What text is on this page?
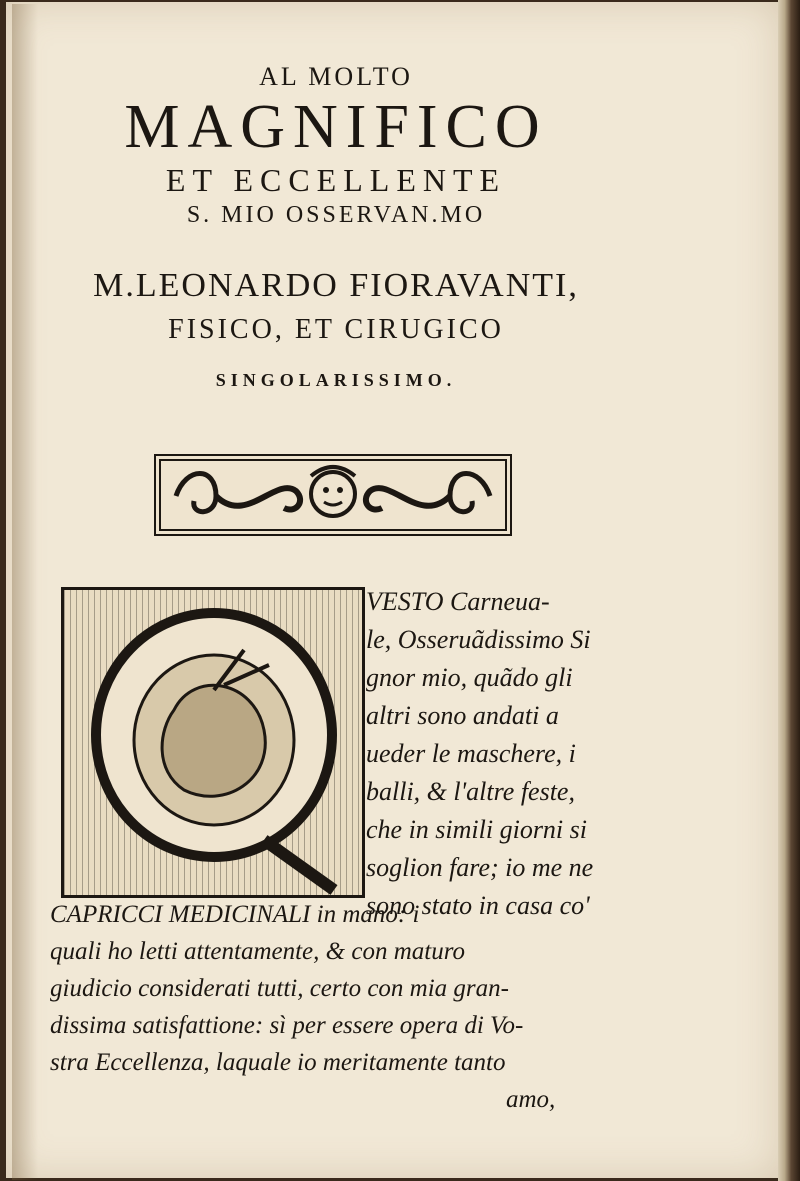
AL MOLTO
MAGNIFICO
ET ECCELLENTE
S. MIO OSSERVAN.MO
M.LEONARDO FIORAVANTI,
FISICO, ET CIRUGICO
SINGOLARISSIMO.
VESTO Carneua-
le, Osseruãdissimo Si
gnor mio, quãdo gli
altri sono andati a
ueder le maschere, i
balli, & l'altre feste,
che in simili giorni si
soglion fare; io me ne
sono stato in casa co'
CAPRICCI MEDICINALI in mano: i
quali ho letti attentamente, & con maturo
giudicio considerati tutti, certo con mia gran-
dissima satisfattione: sì per essere opera di Vo-
stra Eccellenza, laquale io meritamente tanto
amo,
